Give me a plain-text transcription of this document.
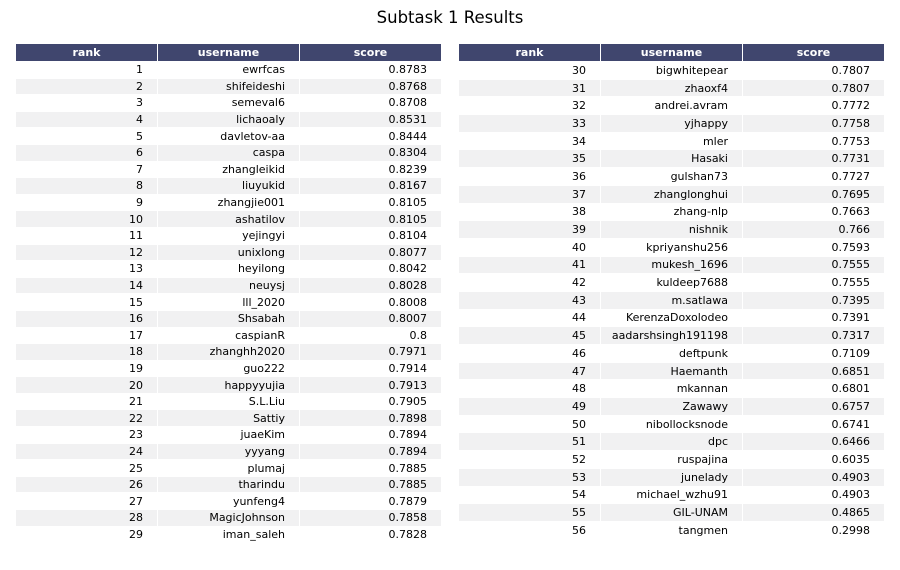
Subtask 1 Results
rank	username	score
1	ewrfcas	0.8783
2	shifeideshi	0.8768
3	semeval6	0.8708
4	lichaoaly	0.8531
5	davletov-aa	0.8444
6	caspa	0.8304
7	zhangleikid	0.8239
8	liuyukid	0.8167
9	zhangjie001	0.8105
10	ashatilov	0.8105
11	yejingyi	0.8104
12	unixlong	0.8077
13	heyilong	0.8042
14	neuysj	0.8028
15	lll_2020	0.8008
16	Shsabah	0.8007
17	caspianR	0.8
18	zhanghh2020	0.7971
19	guo222	0.7914
20	happyyujia	0.7913
21	S.L.Liu	0.7905
22	Sattiy	0.7898
23	juaeKim	0.7894
24	yyyang	0.7894
25	plumaj	0.7885
26	tharindu	0.7885
27	yunfeng4	0.7879
28	MagicJohnson	0.7858
29	iman_saleh	0.7828
rank	username	score
30	bigwhitepear	0.7807
31	zhaoxf4	0.7807
32	andrei.avram	0.7772
33	yjhappy	0.7758
34	mler	0.7753
35	Hasaki	0.7731
36	gulshan73	0.7727
37	zhanglonghui	0.7695
38	zhang-nlp	0.7663
39	nishnik	0.766
40	kpriyanshu256	0.7593
41	mukesh_1696	0.7555
42	kuldeep7688	0.7555
43	m.satlawa	0.7395
44	KerenzaDoxolodeo	0.7391
45	aadarshsingh191198	0.7317
46	deftpunk	0.7109
47	Haemanth	0.6851
48	mkannan	0.6801
49	Zawawy	0.6757
50	nibollocksnode	0.6741
51	dpc	0.6466
52	ruspajina	0.6035
53	junelady	0.4903
54	michael_wzhu91	0.4903
55	GIL-UNAM	0.4865
56	tangmen	0.2998
